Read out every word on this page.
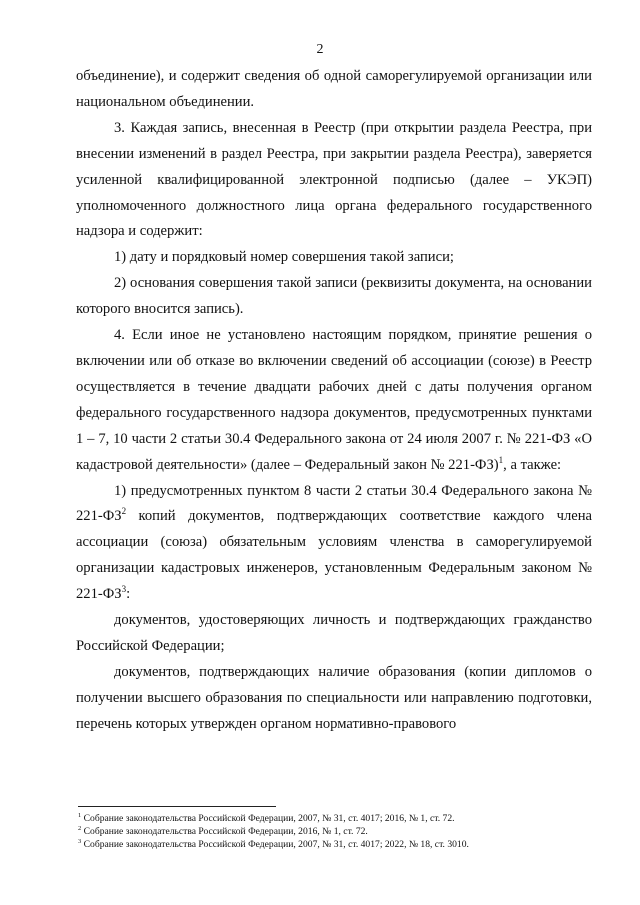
2

объединение), и содержит сведения об одной саморегулируемой организации или национальном объединении.

3. Каждая запись, внесенная в Реестр (при открытии раздела Реестра, при внесении изменений в раздел Реестра, при закрытии раздела Реестра), заверяется усиленной квалифицированной электронной подписью (далее – УКЭП) уполномоченного должностного лица органа федерального государственного надзора и содержит:

1) дату и порядковый номер совершения такой записи;

2) основания совершения такой записи (реквизиты документа, на основании которого вносится запись).

4. Если иное не установлено настоящим порядком, принятие решения о включении или об отказе во включении сведений об ассоциации (союзе) в Реестр осуществляется в течение двадцати рабочих дней с даты получения органом федерального государственного надзора документов, предусмотренных пунктами 1 – 7, 10 части 2 статьи 30.4 Федерального закона от 24 июля 2007 г. № 221-ФЗ «О кадастровой деятельности» (далее – Федеральный закон № 221-ФЗ)$^1$, а также:

1) предусмотренных пунктом 8 части 2 статьи 30.4 Федерального закона № $221-ФЗ^2$ копий документов, подтверждающих соответствие каждого члена ассоциации (союза) обязательным условиям членства в саморегулируемой организации кадастровых инженеров, установленным Федеральным законом № $221-ФЗ^3$:

документов, удостоверяющих личность и подтверждающих гражданство Российской Федерации;

документов, подтверждающих наличие образования (копии дипломов о получении высшего образования по специальности или направлению подготовки, перечень которых утвержден органом нормативно-правового

$^1$ Собрание законодательства Российской Федерации, 2007, № 31, ст. 4017; 2016, № 1, ст. 72.
$^2$ Собрание законодательства Российской Федерации, 2016, № 1, ст. 72.
$^3$ Собрание законодательства Российской Федерации, 2007, № 31, ст. 4017; 2022, № 18, ст. 3010.
